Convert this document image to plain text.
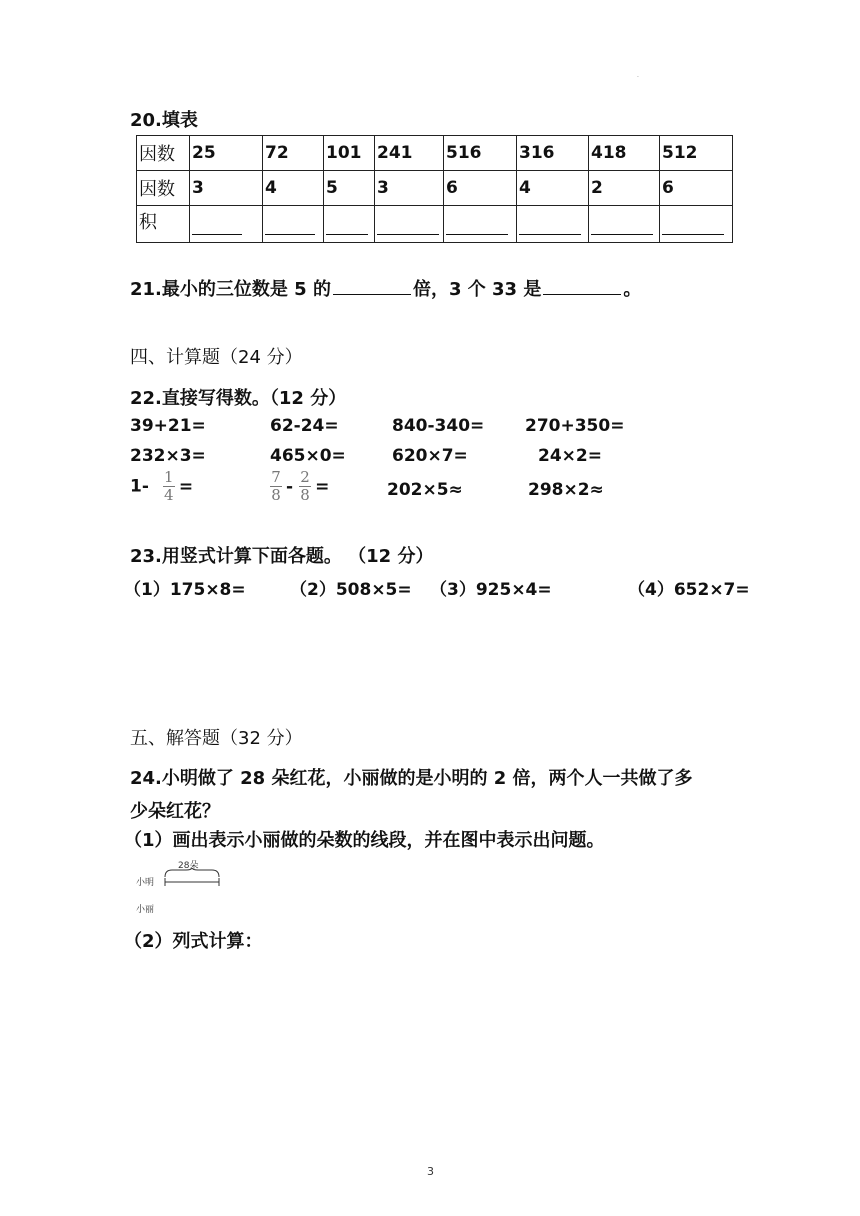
·
20.填表
因数	25	72	101	241	516	316	418	512
因数	3	4	5	3	6	4	2	6
积								
21.最小的三位数是 5 的	倍，3 个 33 是	。
四、计算题（24 分）
22.直接写得数。（12 分）
39+21=	62-24=	840-340= 270+350=
232×3=	465×0=	620×7=	24×2=
$1- \frac{1}{4}$ =	$\frac{7}{8} - \frac{2}{8}$ =	202×5≈	298×2≈
23.用竖式计算下面各题。 （12 分）
（1）175×8=	（2）508×5= （3）925×4=	（4）652×7=
五、解答题（32 分）
24.小明做了 28 朵红花，小丽做的是小明的 2 倍，两个人一共做了多
少朵红花？
（1）画出表示小丽做的朵数的线段，并在图中表示出问题。
28朵
小明
小丽
（2）列式计算：
3
